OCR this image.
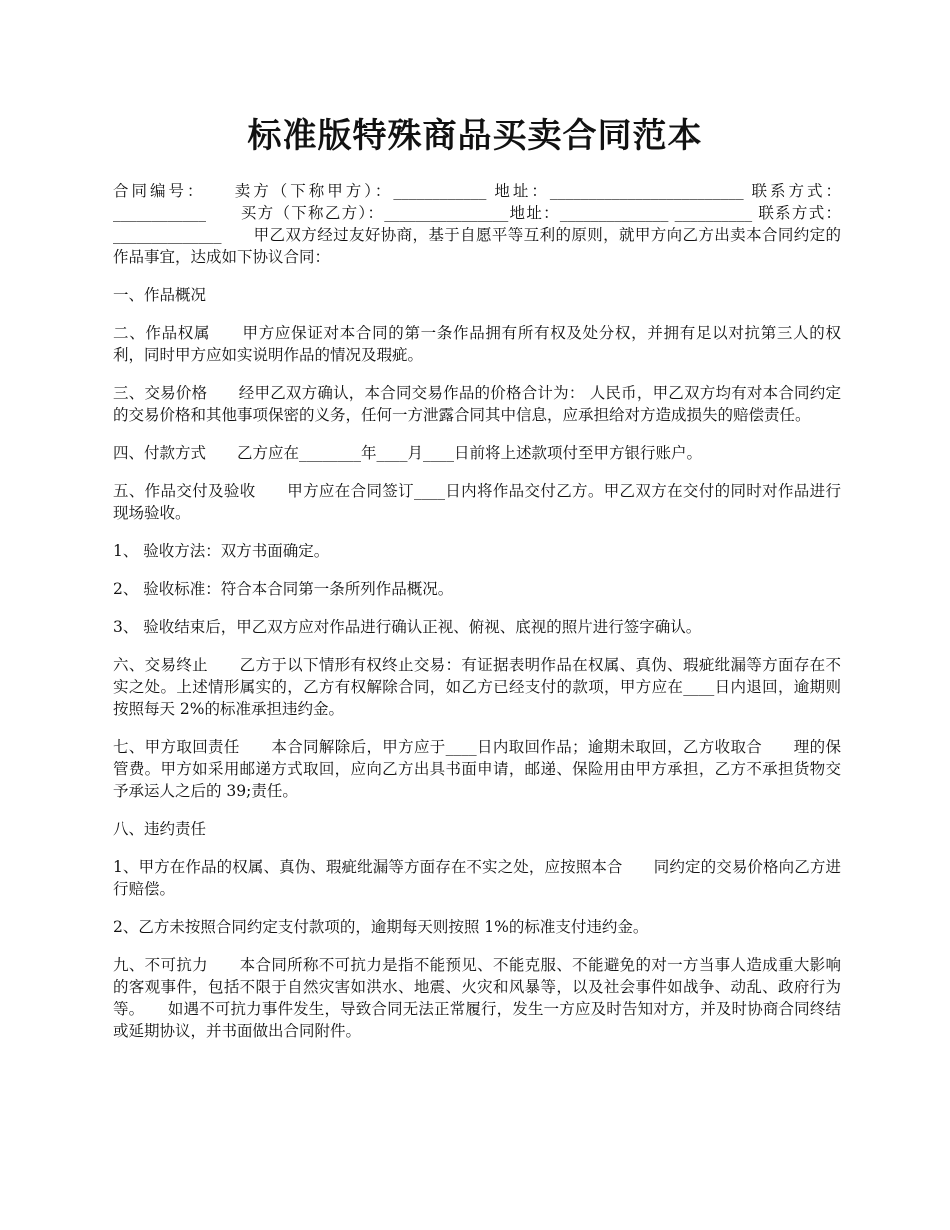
标准版特殊商品买卖合同范本

合同编号：　　卖方（下称甲方）：____________ 地址：_________________________ 联系方式：____________　　买方（下称乙方）：________________地址：______________ __________ 联系方式：______________　　甲乙双方经过友好协商，基于自愿平等互利的原则，就甲方向乙方出卖本合同约定的作品事宜，达成如下协议合同：

一、作品概况

二、作品权属　　甲方应保证对本合同的第一条作品拥有所有权及处分权，并拥有足以对抗第三人的权利，同时甲方应如实说明作品的情况及瑕疵。

三、交易价格　　经甲乙双方确认，本合同交易作品的价格合计为： 人民币，甲乙双方均有对本合同约定的交易价格和其他事项保密的义务，任何一方泄露合同其中信息，应承担给对方造成损失的赔偿责任。

四、付款方式　　乙方应在________年____月____日前将上述款项付至甲方银行账户。

五、作品交付及验收　　甲方应在合同签订____日内将作品交付乙方。甲乙双方在交付的同时对作品进行现场验收。

1、 验收方法：双方书面确定。

2、 验收标准：符合本合同第一条所列作品概况。

3、 验收结束后，甲乙双方应对作品进行确认正视、俯视、底视的照片进行签字确认。

六、交易终止　　乙方于以下情形有权终止交易：有证据表明作品在权属、真伪、瑕疵纰漏等方面存在不实之处。上述情形属实的，乙方有权解除合同，如乙方已经支付的款项，甲方应在____日内退回，逾期则按照每天 2%的标准承担违约金。

七、甲方取回责任　　本合同解除后，甲方应于____日内取回作品；逾期未取回，乙方收取合　　理的保管费。甲方如采用邮递方式取回，应向乙方出具书面申请，邮递、保险用由甲方承担，乙方不承担货物交予承运人之后的 39;责任。

八、违约责任

1、甲方在作品的权属、真伪、瑕疵纰漏等方面存在不实之处，应按照本合　　同约定的交易价格向乙方进行赔偿。

2、乙方未按照合同约定支付款项的，逾期每天则按照 1%的标准支付违约金。

九、不可抗力　　本合同所称不可抗力是指不能预见、不能克服、不能避免的对一方当事人造成重大影响的客观事件，包括不限于自然灾害如洪水、地震、火灾和风暴等，以及社会事件如战争、动乱、政府行为等。　　如遇不可抗力事件发生，导致合同无法正常履行，发生一方应及时告知对方，并及时协商合同终结或延期协议，并书面做出合同附件。
